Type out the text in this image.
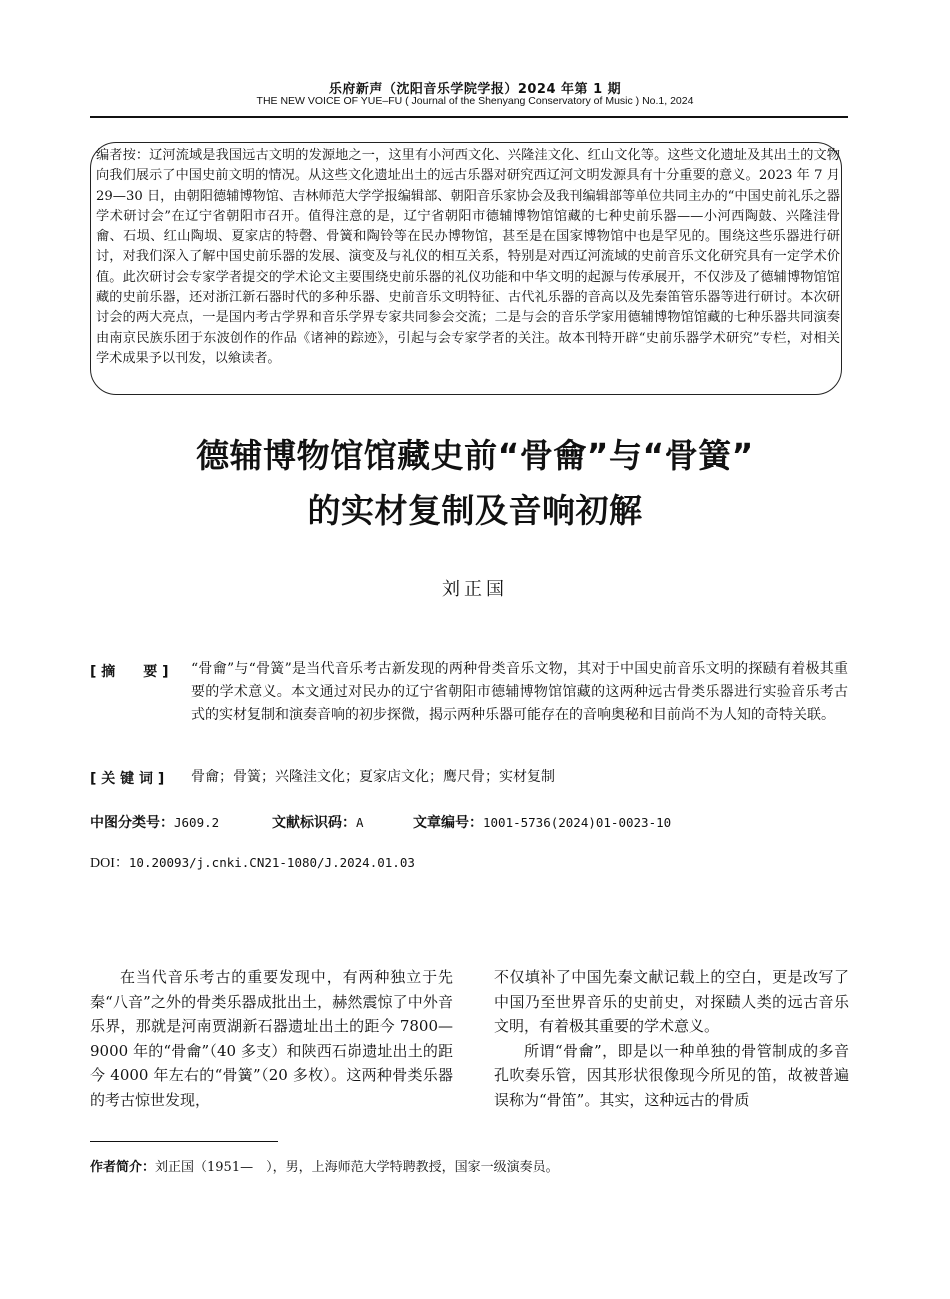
乐府新声（沈阳音乐学院学报）2024 年第 1 期
THE NEW VOICE OF YUE–FU ( Journal of the Shenyang Conservatory of Music ) No.1, 2024
编者按：辽河流域是我国远古文明的发源地之一，这里有小河西文化、兴隆洼文化、红山文化等。这些文化遗址及其出土的文物向我们展示了中国史前文明的情况。从这些文化遗址出土的远古乐器对研究西辽河文明发源具有十分重要的意义。2023 年 7 月 29—30 日，由朝阳德辅博物馆、吉林师范大学学报编辑部、朝阳音乐家协会及我刊编辑部等单位共同主办的“中国史前礼乐之器学术研讨会”在辽宁省朝阳市召开。值得注意的是，辽宁省朝阳市德辅博物馆馆藏的七种史前乐器——小河西陶鼓、兴隆洼骨龠、石埙、红山陶埙、夏家店的特磬、骨簧和陶铃等在民办博物馆，甚至是在国家博物馆中也是罕见的。围绕这些乐器进行研讨，对我们深入了解中国史前乐器的发展、演变及与礼仪的相互关系，特别是对西辽河流域的史前音乐文化研究具有一定学术价值。此次研讨会专家学者提交的学术论文主要围绕史前乐器的礼仪功能和中华文明的起源与传承展开，不仅涉及了德辅博物馆馆藏的史前乐器，还对浙江新石器时代的多种乐器、史前音乐文明特征、古代礼乐器的音高以及先秦笛管乐器等进行研讨。本次研讨会的两大亮点，一是国内考古学界和音乐学界专家共同参会交流；二是与会的音乐学家用德辅博物馆馆藏的七种乐器共同演奏由南京民族乐团于东波创作的作品《诸神的踪迹》，引起与会专家学者的关注。故本刊特开辟“史前乐器学术研究”专栏，对相关学术成果予以刊发，以飨读者。
德辅博物馆馆藏史前“骨龠”与“骨簧”
的实材复制及音响初解
刘正国
[ 摘　　要 ] “骨龠”与“骨簧”是当代音乐考古新发现的两种骨类音乐文物，其对于中国史前音乐文明的探赜有着极其重要的学术意义。本文通过对民办的辽宁省朝阳市德辅博物馆馆藏的这两种远古骨类乐器进行实验音乐考古式的实材复制和演奏音响的初步探微，揭示两种乐器可能存在的音响奥秘和目前尚不为人知的奇特关联。
[ 关 键 词 ] 骨龠；骨簧；兴隆洼文化；夏家店文化；鹰尺骨；实材复制
中图分类号：J609.2	文献标识码：A	文章编号：1001-5736(2024)01-0023-10
DOI：10.20093/j.cnki.CN21-1080/J.2024.01.03

在当代音乐考古的重要发现中，有两种独立于先秦“八音”之外的骨类乐器成批出土，赫然震惊了中外音乐界，那就是河南贾湖新石器遗址出土的距今 7800—9000 年的“骨龠”（40 多支）和陕西石峁遗址出土的距今 4000 年左右的“骨簧”（20 多枚）。这两种骨类乐器的考古惊世发现，

不仅填补了中国先秦文献记载上的空白，更是改写了中国乃至世界音乐的史前史，对探赜人类的远古音乐文明，有着极其重要的学术意义。

所谓“骨龠”，即是以一种单独的骨管制成的多音孔吹奏乐管，因其形状很像现今所见的笛，故被普遍误称为“骨笛”。其实，这种远古的骨质

作者简介：刘正国（1951—　），男，上海师范大学特聘教授，国家一级演奏员。
